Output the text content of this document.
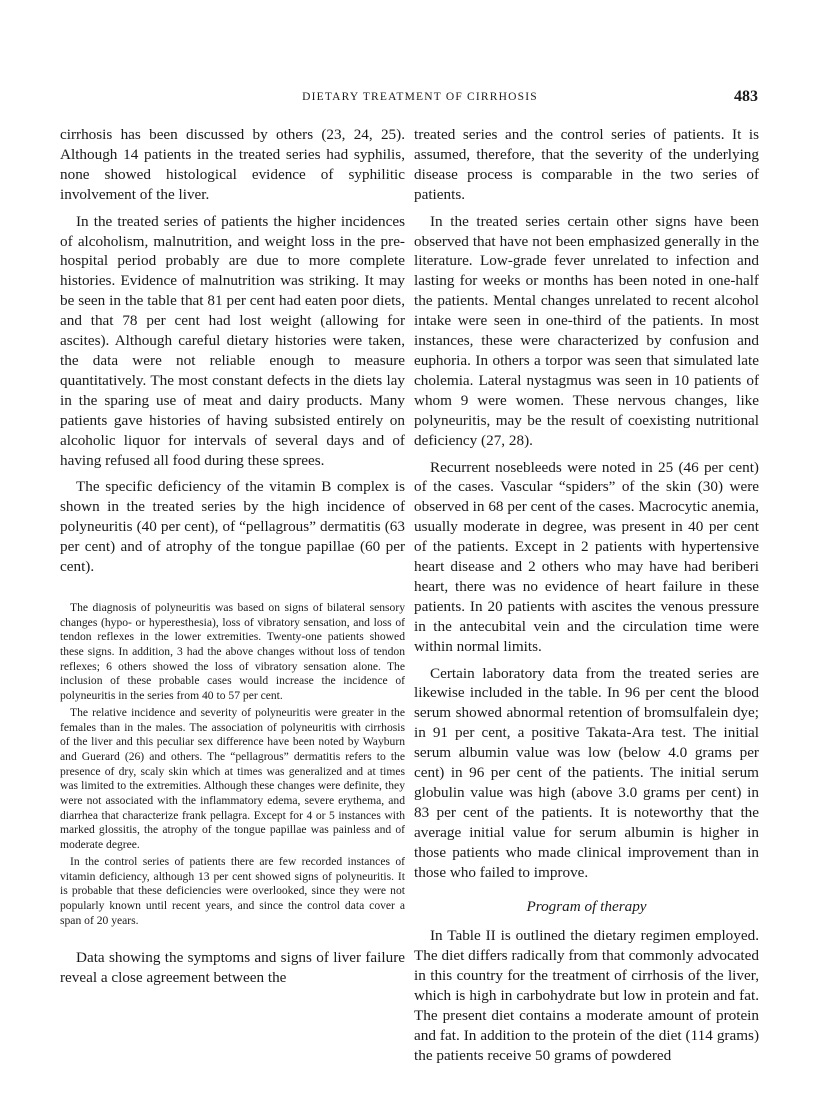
DIETARY TREATMENT OF CIRRHOSIS	483

cirrhosis has been discussed by others (23, 24, 25). Although 14 patients in the treated series had syphilis, none showed histological evidence of syphilitic involvement of the liver.

In the treated series of patients the higher incidences of alcoholism, malnutrition, and weight loss in the pre-hospital period probably are due to more complete histories. Evidence of malnutrition was striking. It may be seen in the table that 81 per cent had eaten poor diets, and that 78 per cent had lost weight (allowing for ascites). Although careful dietary histories were taken, the data were not reliable enough to measure quantitatively. The most constant defects in the diets lay in the sparing use of meat and dairy products. Many patients gave histories of having subsisted entirely on alcoholic liquor for intervals of several days and of having refused all food during these sprees.

The specific deficiency of the vitamin B complex is shown in the treated series by the high incidence of polyneuritis (40 per cent), of “pellagrous” dermatitis (63 per cent) and of atrophy of the tongue papillae (60 per cent).

The diagnosis of polyneuritis was based on signs of bilateral sensory changes (hypo- or hyperesthesia), loss of vibratory sensation, and loss of tendon reflexes in the lower extremities. Twenty-one patients showed these signs. In addition, 3 had the above changes without loss of tendon reflexes; 6 others showed the loss of vibratory sensation alone. The inclusion of these probable cases would increase the incidence of polyneuritis in the series from 40 to 57 per cent.

The relative incidence and severity of polyneuritis were greater in the females than in the males. The association of polyneuritis with cirrhosis of the liver and this peculiar sex difference have been noted by Wayburn and Guerard (26) and others. The “pellagrous” dermatitis refers to the presence of dry, scaly skin which at times was generalized and at times was limited to the extremities. Although these changes were definite, they were not associated with the inflammatory edema, severe erythema, and diarrhea that characterize frank pellagra. Except for 4 or 5 instances with marked glossitis, the atrophy of the tongue papillae was painless and of moderate degree.

In the control series of patients there are few recorded instances of vitamin deficiency, although 13 per cent showed signs of polyneuritis. It is probable that these deficiencies were overlooked, since they were not popularly known until recent years, and since the control data cover a span of 20 years.

Data showing the symptoms and signs of liver failure reveal a close agreement between the

treated series and the control series of patients. It is assumed, therefore, that the severity of the underlying disease process is comparable in the two series of patients.

In the treated series certain other signs have been observed that have not been emphasized generally in the literature. Low-grade fever unrelated to infection and lasting for weeks or months has been noted in one-half the patients. Mental changes unrelated to recent alcohol intake were seen in one-third of the patients. In most instances, these were characterized by confusion and euphoria. In others a torpor was seen that simulated late cholemia. Lateral nystagmus was seen in 10 patients of whom 9 were women. These nervous changes, like polyneuritis, may be the result of coexisting nutritional deficiency (27, 28).

Recurrent nosebleeds were noted in 25 (46 per cent) of the cases. Vascular “spiders” of the skin (30) were observed in 68 per cent of the cases. Macrocytic anemia, usually moderate in degree, was present in 40 per cent of the patients. Except in 2 patients with hypertensive heart disease and 2 others who may have had beriberi heart, there was no evidence of heart failure in these patients. In 20 patients with ascites the venous pressure in the antecubital vein and the circulation time were within normal limits.

Certain laboratory data from the treated series are likewise included in the table. In 96 per cent the blood serum showed abnormal retention of bromsulfalein dye; in 91 per cent, a positive Takata-Ara test. The initial serum albumin value was low (below 4.0 grams per cent) in 96 per cent of the patients. The initial serum globulin value was high (above 3.0 grams per cent) in 83 per cent of the patients. It is noteworthy that the average initial value for serum albumin is higher in those patients who made clinical improvement than in those who failed to improve.

Program of therapy

In Table II is outlined the dietary regimen employed. The diet differs radically from that commonly advocated in this country for the treatment of cirrhosis of the liver, which is high in carbohydrate but low in protein and fat. The present diet contains a moderate amount of protein and fat. In addition to the protein of the diet (114 grams) the patients receive 50 grams of powdered
